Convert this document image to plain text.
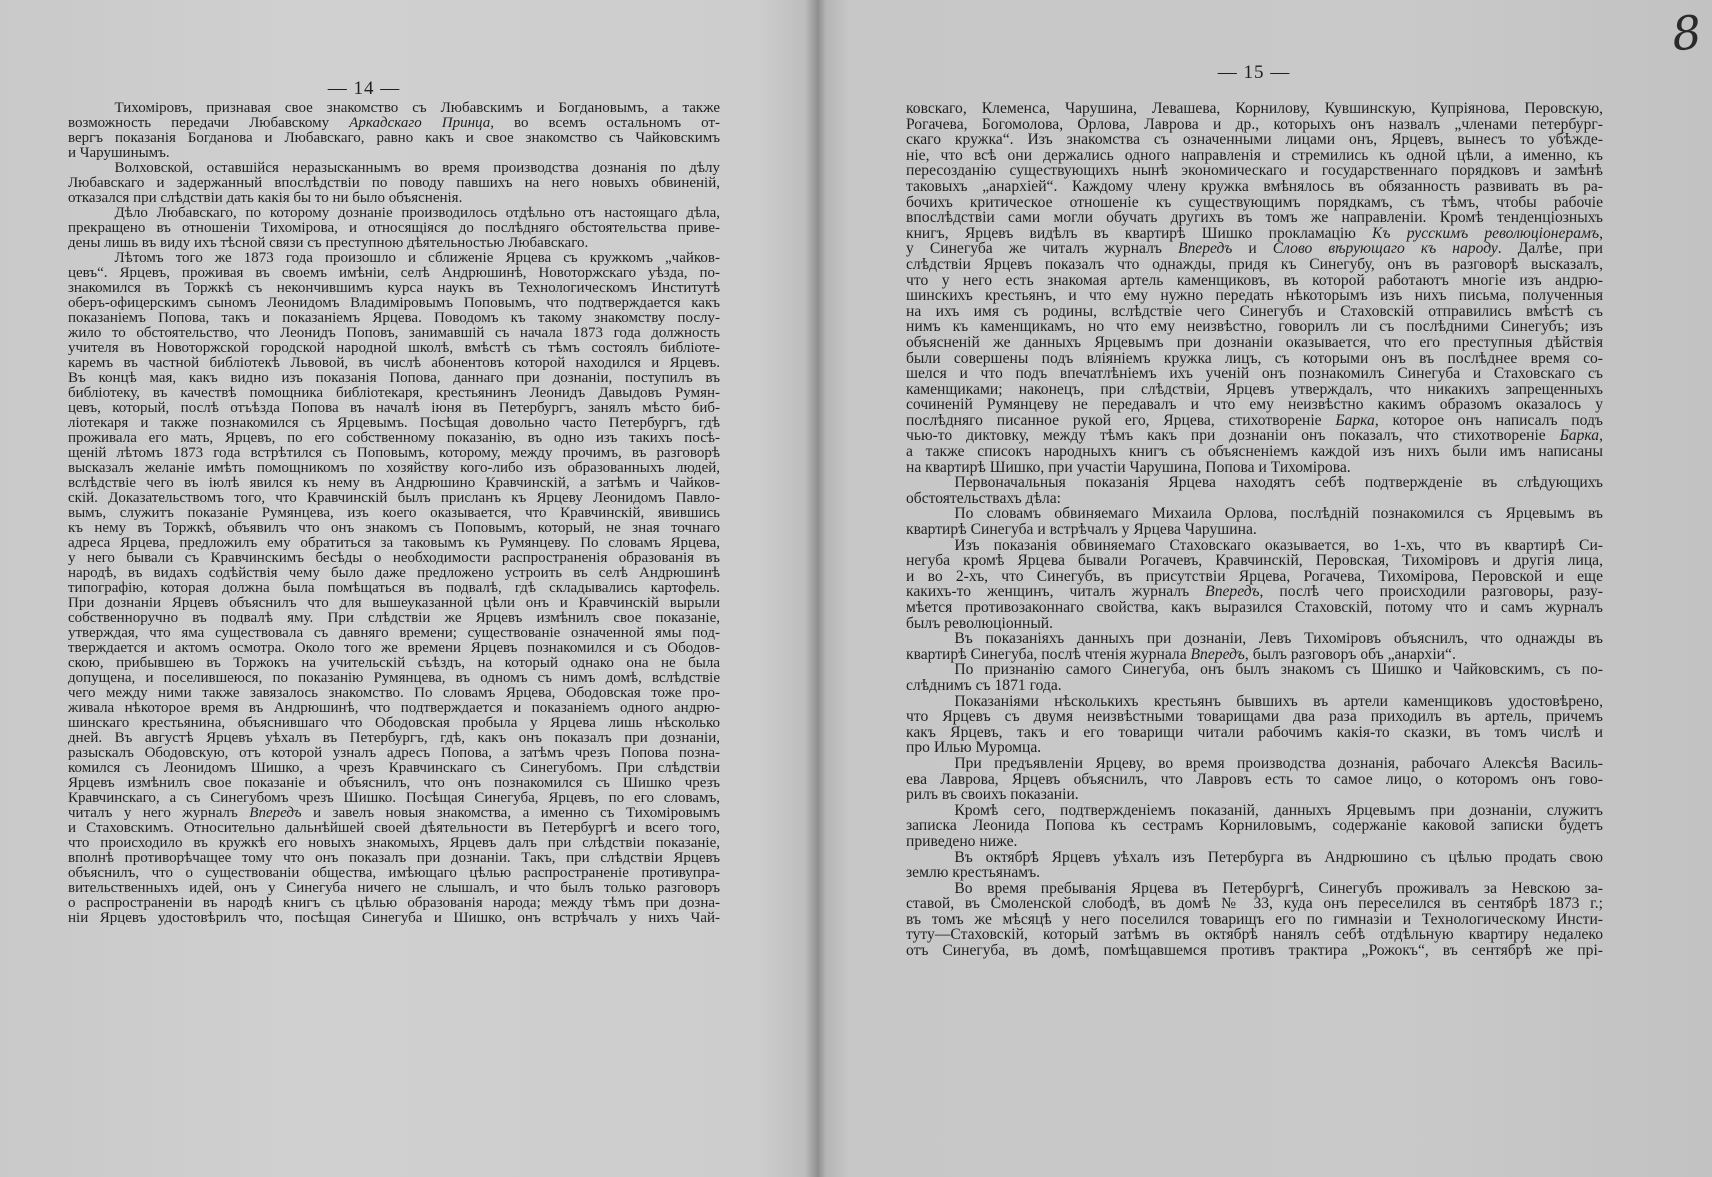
8
— 14 —
Тихоміровъ, признавая свое знакомство съ Любавскимъ и Богдановымъ, а также
возможность передачи Любавскому Аркадскаго Принца, во всемъ остальномъ от-
вергъ показанія Богданова и Любавскаго, равно какъ и свое знакомство съ Чайковскимъ
и Чарушинымъ.
Волховской, оставшійся неразысканнымъ во время производства дознанія по дѣлу
Любавскаго и задержанный впослѣдствіи по поводу павшихъ на него новыхъ обвиненій,
отказался при слѣдствіи дать какія бы то ни было объясненія.
Дѣло Любавскаго, по которому дознаніе производилось отдѣльно отъ настоящаго дѣла,
прекращено въ отношеніи Тихомірова, и относящіяся до послѣдняго обстоятельства приве-
дены лишь въ виду ихъ тѣсной связи съ преступною дѣятельностью Любавскаго.
Лѣтомъ того же 1873 года произошло и сближеніе Ярцева съ кружкомъ „чайков-
цевъ“. Ярцевъ, проживая въ своемъ имѣніи, селѣ Андрюшинѣ, Новоторжскаго уѣзда, по-
знакомился въ Торжкѣ съ некончившимъ курса наукъ въ Технологическомъ Институтѣ
оберъ-офицерскимъ сыномъ Леонидомъ Владиміровымъ Поповымъ, что подтверждается какъ
показаніемъ Попова, такъ и показаніемъ Ярцева. Поводомъ къ такому знакомству послу-
жило то обстоятельство, что Леонидъ Поповъ, занимавшій съ начала 1873 года должность
учителя въ Новоторжской городской народной школѣ, вмѣстѣ съ тѣмъ состоялъ библіоте-
каремъ въ частной библіотекѣ Львовой, въ числѣ абонентовъ которой находился и Ярцевъ.
Въ концѣ мая, какъ видно изъ показанія Попова, даннаго при дознаніи, поступилъ въ
библіотеку, въ качествѣ помощника библіотекаря, крестьянинъ Леонидъ Давыдовъ Румян-
цевъ, который, послѣ отъѣзда Попова въ началѣ іюня въ Петербургъ, занялъ мѣсто биб-
ліотекаря и также познакомился съ Ярцевымъ. Посѣщая довольно часто Петербургъ, гдѣ
проживала его мать, Ярцевъ, по его собственному показанію, въ одно изъ такихъ посѣ-
щеній лѣтомъ 1873 года встрѣтился съ Поповымъ, которому, между прочимъ, въ разговорѣ
высказалъ желаніе имѣть помощникомъ по хозяйству кого-либо изъ образованныхъ людей,
вслѣдствіе чего въ іюлѣ явился къ нему въ Андрюшино Кравчинскій, а затѣмъ и Чайков-
скій. Доказательствомъ того, что Кравчинскій былъ присланъ къ Ярцеву Леонидомъ Павло-
вымъ, служитъ показаніе Румянцева, изъ коего оказывается, что Кравчинскій, явившись
къ нему въ Торжкѣ, объявилъ что онъ знакомъ съ Поповымъ, который, не зная точнаго
адреса Ярцева, предложилъ ему обратиться за таковымъ къ Румянцеву. По словамъ Ярцева,
у него бывали съ Кравчинскимъ бесѣды о необходимости распространенія образованія въ
народѣ, въ видахъ содѣйствія чему было даже предложено устроить въ селѣ Андрюшинѣ
типографію, которая должна была помѣщаться въ подвалѣ, гдѣ складывались картофель.
При дознаніи Ярцевъ объяснилъ что для вышеуказанной цѣли онъ и Кравчинскій вырыли
собственноручно въ подвалѣ яму. При слѣдствіи же Ярцевъ измѣнилъ свое показаніе,
утверждая, что яма существовала съ давняго времени; существованіе означенной ямы под-
тверждается и актомъ осмотра. Около того же времени Ярцевъ познакомился и съ Ободов-
скою, прибывшею въ Торжокъ на учительскій съѣздъ, на который однако она не была
допущена, и поселившеюся, по показанію Румянцева, въ одномъ съ нимъ домѣ, вслѣдствіе
чего между ними также завязалось знакомство. По словамъ Ярцева, Ободовская тоже про-
живала нѣкоторое время въ Андрюшинѣ, что подтверждается и показаніемъ одного андрю-
шинскаго крестьянина, объяснившаго что Ободовская пробыла у Ярцева лишь нѣсколько
дней. Въ августѣ Ярцевъ уѣхалъ въ Петербургъ, гдѣ, какъ онъ показалъ при дознаніи,
разыскалъ Ободовскую, отъ которой узналъ адресъ Попова, а затѣмъ чрезъ Попова позна-
комился съ Леонидомъ Шишко, а чрезъ Кравчинскаго съ Синегубомъ. При слѣдствіи
Ярцевъ измѣнилъ свое показаніе и объяснилъ, что онъ познакомился съ Шишко чрезъ
Кравчинскаго, а съ Синегубомъ чрезъ Шишко. Посѣщая Синегуба, Ярцевъ, по его словамъ,
читалъ у него журналъ Впередъ и завелъ новыя знакомства, а именно съ Тихоміровымъ
и Стаховскимъ. Относительно дальнѣйшей своей дѣятельности въ Петербургѣ и всего того,
что происходило въ кружкѣ его новыхъ знакомыхъ, Ярцевъ далъ при слѣдствіи показаніе,
вполнѣ противорѣчащее тому что онъ показалъ при дознаніи. Такъ, при слѣдствіи Ярцевъ
объяснилъ, что о существованіи общества, имѣющаго цѣлью распространеніе противупра-
вительственныхъ идей, онъ у Синегуба ничего не слышалъ, и что былъ только разговоръ
о распространеніи въ народѣ книгъ съ цѣлью образованія народа; между тѣмъ при дозна-
ніи Ярцевъ удостовѣрилъ что, посѣщая Синегуба и Шишко, онъ встрѣчалъ у нихъ Чай-
— 15 —
ковскаго, Клеменса, Чарушина, Левашева, Корнилову, Кувшинскую, Купріянова, Перовскую,
Рогачева, Богомолова, Орлова, Лаврова и др., которыхъ онъ назвалъ „членами петербург-
скаго кружка“. Изъ знакомства съ означенными лицами онъ, Ярцевъ, вынесъ то убѣжде-
ніе, что всѣ они держались одного направленія и стремились къ одной цѣли, а именно, къ
пересозданію существующихъ нынѣ экономическаго и государственнаго порядковъ и замѣнѣ
таковыхъ „анархіей“. Каждому члену кружка вмѣнялось въ обязанность развивать въ ра-
бочихъ критическое отношеніе къ существующимъ порядкамъ, съ тѣмъ, чтобы рабочіе
впослѣдствіи сами могли обучать другихъ въ томъ же направленіи. Кромѣ тенденціозныхъ
книгъ, Ярцевъ видѣлъ въ квартирѣ Шишко прокламацію Къ русскимъ революціонерамъ,
у Синегуба же читалъ журналъ Впередъ и Слово вѣрующаго къ народу. Далѣе, при
слѣдствіи Ярцевъ показалъ что однажды, придя къ Синегубу, онъ въ разговорѣ высказалъ,
что у него есть знакомая артель каменщиковъ, въ которой работаютъ многіе изъ андрю-
шинскихъ крестьянъ, и что ему нужно передать нѣкоторымъ изъ нихъ письма, полученныя
на ихъ имя съ родины, вслѣдствіе чего Синегубъ и Стаховскій отправились вмѣстѣ съ
нимъ къ каменщикамъ, но что ему неизвѣстно, говорилъ ли съ послѣдними Синегубъ; изъ
объясненій же данныхъ Ярцевымъ при дознаніи оказывается, что его преступныя дѣйствія
были совершены подъ вліяніемъ кружка лицъ, съ которыми онъ въ послѣднее время со-
шелся и что подъ впечатлѣніемъ ихъ ученій онъ познакомилъ Синегуба и Стаховскаго съ
каменщиками; наконецъ, при слѣдствіи, Ярцевъ утверждалъ, что никакихъ запрещенныхъ
сочиненій Румянцеву не передавалъ и что ему неизвѣстно какимъ образомъ оказалось у
послѣдняго писанное рукой его, Ярцева, стихотвореніе Барка, которое онъ написалъ подъ
чью-то диктовку, между тѣмъ какъ при дознаніи онъ показалъ, что стихотвореніе Барка,
а также списокъ народныхъ книгъ съ объясненіемъ каждой изъ нихъ были имъ написаны
на квартирѣ Шишко, при участіи Чарушина, Попова и Тихомірова.
Первоначальныя показанія Ярцева находятъ себѣ подтвержденіе въ слѣдующихъ
обстоятельствахъ дѣла:
По словамъ обвиняемаго Михаила Орлова, послѣдній познакомился съ Ярцевымъ въ
квартирѣ Синегуба и встрѣчалъ у Ярцева Чарушина.
Изъ показанія обвиняемаго Стаховскаго оказывается, во 1-хъ, что въ квартирѣ Си-
негуба кромѣ Ярцева бывали Рогачевъ, Кравчинскій, Перовская, Тихоміровъ и другія лица,
и во 2-хъ, что Синегубъ, въ присутствіи Ярцева, Рогачева, Тихомірова, Перовской и еще
какихъ-то женщинъ, читалъ журналъ Впередъ, послѣ чего происходили разговоры, разу-
мѣется противозаконнаго свойства, какъ выразился Стаховскій, потому что и самъ журналъ
былъ революціонный.
Въ показаніяхъ данныхъ при дознаніи, Левъ Тихоміровъ объяснилъ, что однажды въ
квартирѣ Синегуба, послѣ чтенія журнала Впередъ, былъ разговоръ объ „анархіи“.
По признанію самого Синегуба, онъ былъ знакомъ съ Шишко и Чайковскимъ, съ по-
слѣднимъ съ 1871 года.
Показаніями нѣсколькихъ крестьянъ бывшихъ въ артели каменщиковъ удостовѣрено,
что Ярцевъ съ двумя неизвѣстными товарищами два раза приходилъ въ артель, причемъ
какъ Ярцевъ, такъ и его товарищи читали рабочимъ какія-то сказки, въ томъ числѣ и
про Илью Муромца.
При предъявленіи Ярцеву, во время производства дознанія, рабочаго Алексѣя Василь-
ева Лаврова, Ярцевъ объяснилъ, что Лавровъ есть то самое лицо, о которомъ онъ гово-
рилъ въ своихъ показаніи.
Кромѣ сего, подтвержденіемъ показаній, данныхъ Ярцевымъ при дознаніи, служитъ
записка Леонида Попова къ сестрамъ Корниловымъ, содержаніе каковой записки будетъ
приведено ниже.
Въ октябрѣ Ярцевъ уѣхалъ изъ Петербурга въ Андрюшино съ цѣлью продать свою
землю крестьянамъ.
Во время пребыванія Ярцева въ Петербургѣ, Синегубъ проживалъ за Невскою за-
ставой, въ Смоленской слободѣ, въ домѣ № 33, куда онъ переселился въ сентябрѣ 1873 г.;
въ томъ же мѣсяцѣ у него поселился товарищъ его по гимназіи и Технологическому Инсти-
туту—Стаховскій, который затѣмъ въ октябрѣ нанялъ себѣ отдѣльную квартиру недалеко
отъ Синегуба, въ домѣ, помѣщавшемся противъ трактира „Рожокъ“, въ сентябрѣ же прі-
